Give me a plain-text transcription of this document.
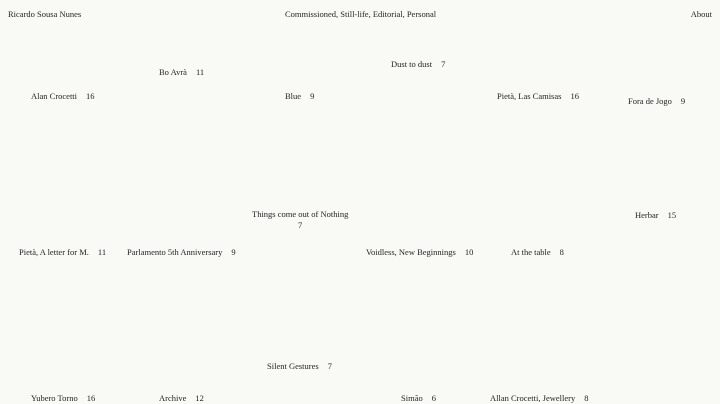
Ricardo Sousa Nunes	Commissioned, Still-life, Editorial, Personal	About
Bo Avrà 11
Dust to dust 7
Alan Crocetti 16	Blue 9	Pietà, Las Camisas 16	Fora de Jogo 9
Things come out of Nothing
7
Herbar 15
Pietà, A letter for M. 11 Parlamento 5th Anniversary 9	Voidless, New Beginnings 10	At the table 8
Silent Gestures 7
Yubero Torno 16	Archive 12	Simão 6	Allan Crocetti, Jewellery 8
